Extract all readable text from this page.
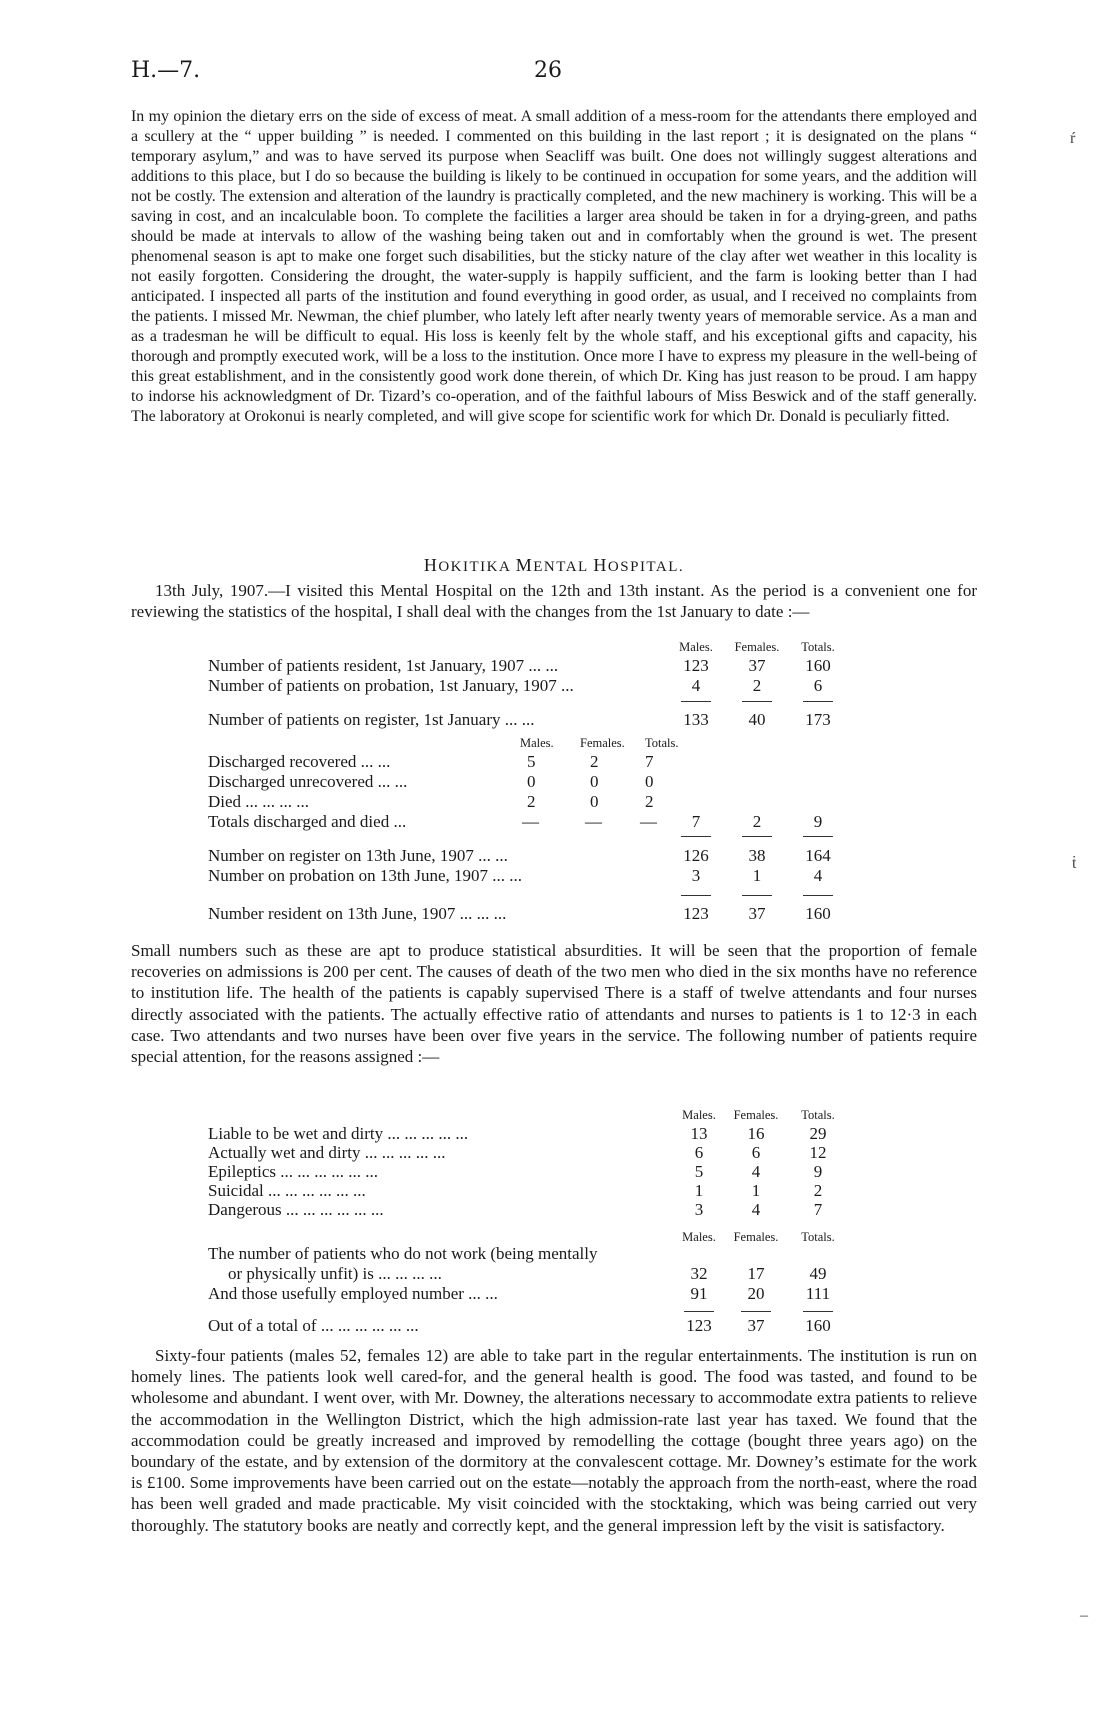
H.—7.	26

In my opinion the dietary errs on the side of excess of meat. A small addition of a mess-room for the attendants there employed and a scullery at the “ upper building ” is needed. I commented on this building in the last report ; it is designated on the plans “ temporary asylum,” and was to have served its purpose when Seacliff was built. One does not willingly suggest alterations and additions to this place, but I do so because the building is likely to be continued in occupation for some years, and the addition will not be costly. The extension and alteration of the laundry is practically completed, and the new machinery is working. This will be a saving in cost, and an incalculable boon. To complete the facilities a larger area should be taken in for a drying-green, and paths should be made at intervals to allow of the washing being taken out and in comfortably when the ground is wet. The present phenomenal season is apt to make one forget such disabilities, but the sticky nature of the clay after wet weather in this locality is not easily forgotten. Considering the drought, the water-supply is happily sufficient, and the farm is looking better than I had anticipated. I inspected all parts of the institution and found everything in good order, as usual, and I received no complaints from the patients. I missed Mr. Newman, the chief plumber, who lately left after nearly twenty years of memorable service. As a man and as a tradesman he will be difficult to equal. His loss is keenly felt by the whole staff, and his exceptional gifts and capacity, his thorough and promptly executed work, will be a loss to the institution. Once more I have to express my pleasure in the well-being of this great establishment, and in the consistently good work done therein, of which Dr. King has just reason to be proud. I am happy to indorse his acknowledgment of Dr. Tizard’s co-operation, and of the faithful labours of Miss Beswick and of the staff generally. The laboratory at Orokonui is nearly completed, and will give scope for scientific work for which Dr. Donald is peculiarly fitted.

HOKITIKA MENTAL HOSPITAL.

13th July, 1907.—I visited this Mental Hospital on the 12th and 13th instant. As the period is a convenient one for reviewing the statistics of the hospital, I shall deal with the changes from the 1st January to date :—

Males.	Females.	Totals.
Number of patients resident, 1st January, 1907 ... ...	123	37	160
Number of patients on probation, 1st January, 1907 ...	4	2	6
Number of patients on register, 1st January ... ...	133	40	173
Males. Females. Totals.
Discharged recovered ... ...	5	2	7
Discharged unrecovered ... ...	0	0	0
Died ... ... ... ...	2	0	2
Totals discharged and died ...	—	— —	7	2	9
Number on register on 13th June, 1907 ... ...	126	38	164
Number on probation on 13th June, 1907 ... ...	3	1	4
Number resident on 13th June, 1907 ... ... ...	123	37	160

Small numbers such as these are apt to produce statistical absurdities. It will be seen that the proportion of female recoveries on admissions is 200 per cent. The causes of death of the two men who died in the six months have no reference to institution life. The health of the patients is capably supervised There is a staff of twelve attendants and four nurses directly associated with the patients. The actually effective ratio of attendants and nurses to patients is 1 to 12·3 in each case. Two attendants and two nurses have been over five years in the service. The following number of patients require special attention, for the reasons assigned :—

Males.	Females.	Totals.
Liable to be wet and dirty ... ... ... ... ...	13	16	29
Actually wet and dirty ... ... ... ... ...	6	6	12
Epileptics ... ... ... ... ... ...	5	4	9
Suicidal ... ... ... ... ... ...	1	1	2
Dangerous ... ... ... ... ... ...	3	4	7
Males.	Females.	Totals.
The number of patients who do not work (being mentally
or physically unfit) is ... ... ... ...	32	17	49
And those usefully employed number ... ...	91	20	111
Out of a total of ... ... ... ... ... ...	123	37	160

Sixty-four patients (males 52, females 12) are able to take part in the regular entertainments. The institution is run on homely lines. The patients look well cared-for, and the general health is good. The food was tasted, and found to be wholesome and abundant. I went over, with Mr. Downey, the alterations necessary to accommodate extra patients to relieve the accommodation in the Wellington District, which the high admission-rate last year has taxed. We found that the accommodation could be greatly increased and improved by remodelling the cottage (bought three years ago) on the boundary of the estate, and by extension of the dormitory at the convalescent cottage. Mr. Downey’s estimate for the work is £100. Some improvements have been carried out on the estate—notably the approach from the north-east, where the road has been well graded and made practicable. My visit coincided with the stocktaking, which was being carried out very thoroughly. The statutory books are neatly and correctly kept, and the general impression left by the visit is satisfactory.

ŕ
ṫ
–
